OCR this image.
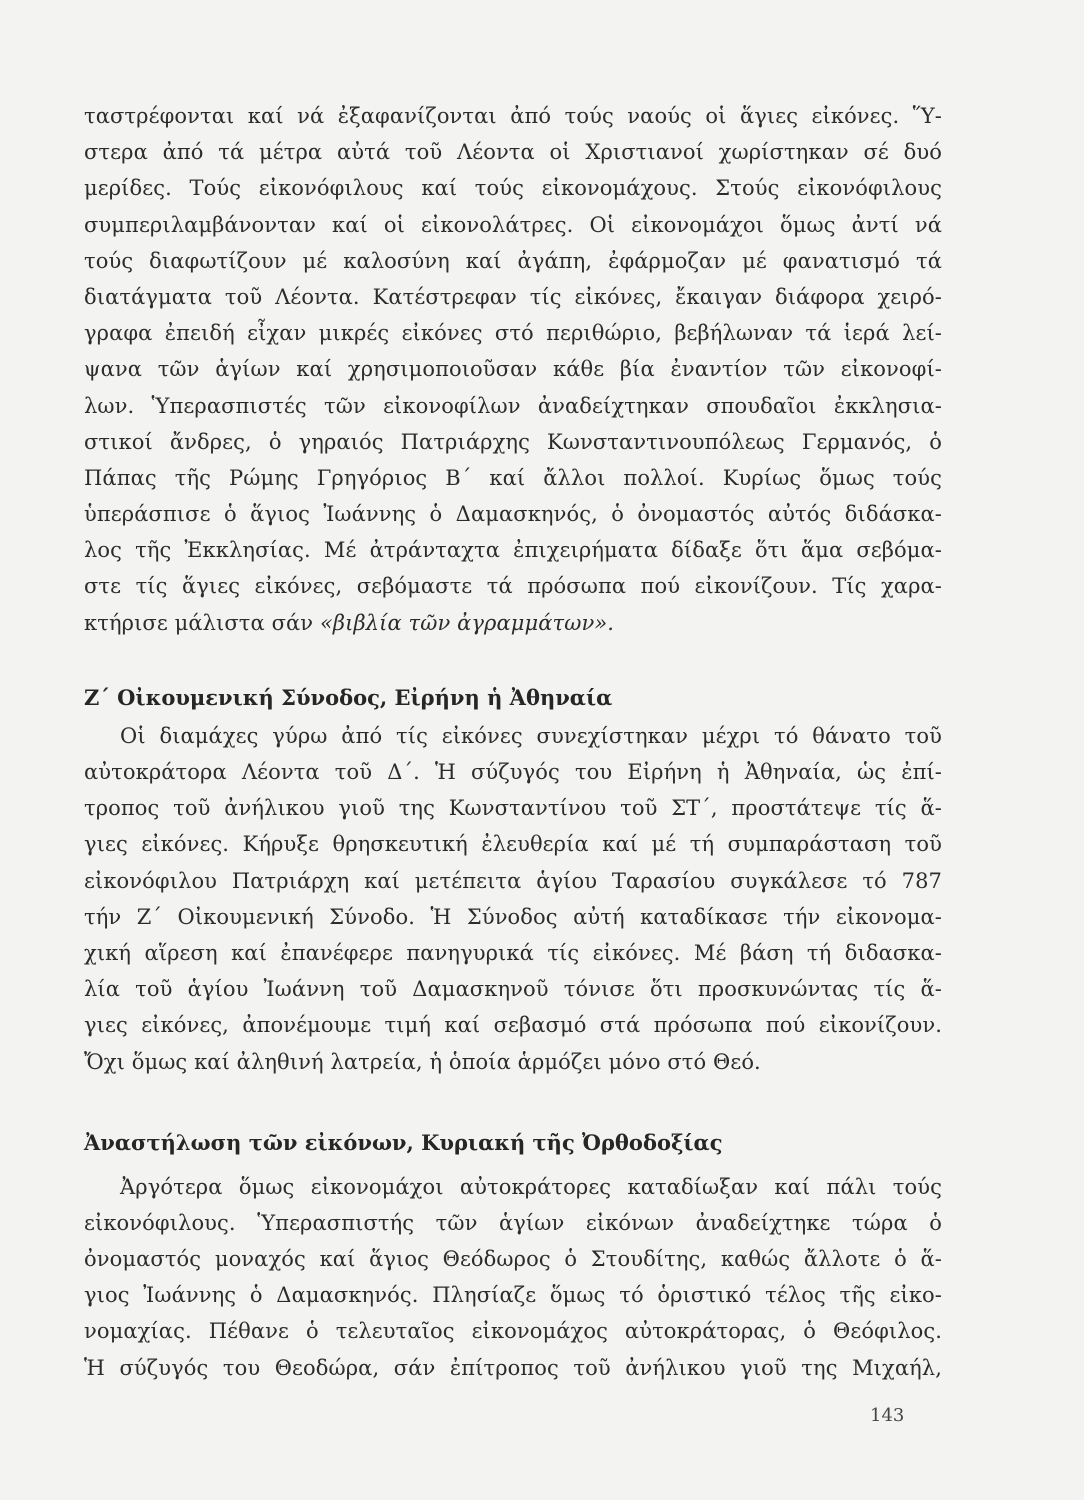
ταστρέφονται καί νά ἐξαφανίζονται ἀπό τούς ναούς οἱ ἅγιες εἰκόνες. Ὕ-
στερα ἀπό τά μέτρα αὐτά τοῦ Λέοντα οἱ Χριστιανοί χωρίστηκαν σέ δυό
μερίδες. Τούς εἰκονόφιλους καί τούς εἰκονομάχους. Στούς εἰκονόφιλους
συμπεριλαμβάνονταν καί οἱ εἰκονολάτρες. Οἱ εἰκονομάχοι ὅμως ἀντί νά
τούς διαφωτίζουν μέ καλοσύνη καί ἀγάπη, ἐφάρμοζαν μέ φανατισμό τά
διατάγματα τοῦ Λέοντα. Κατέστρεφαν τίς εἰκόνες, ἔκαιγαν διάφορα χειρό-
γραφα ἐπειδή εἶχαν μικρές εἰκόνες στό περιθώριο, βεβήλωναν τά ἱερά λεί-
ψανα τῶν ἁγίων καί χρησιμοποιοῦσαν κάθε βία ἐναντίον τῶν εἰκονοφί-
λων. Ὑπερασπιστές τῶν εἰκονοφίλων ἀναδείχτηκαν σπουδαῖοι ἐκκλησια-
στικοί ἄνδρες, ὁ γηραιός Πατριάρχης Κωνσταντινουπόλεως Γερμανός, ὁ
Πάπας τῆς Ρώμης Γρηγόριος Β΄ καί ἄλλοι πολλοί. Κυρίως ὅμως τούς
ὑπεράσπισε ὁ ἅγιος Ἰωάννης ὁ Δαμασκηνός, ὁ ὀνομαστός αὐτός διδάσκα-
λος τῆς Ἐκκλησίας. Μέ ἀτράνταχτα ἐπιχειρήματα δίδαξε ὅτι ἅμα σεβόμα-
στε τίς ἅγιες εἰκόνες, σεβόμαστε τά πρόσωπα πού εἰκονίζουν. Τίς χαρα-
κτήρισε μάλιστα σάν «βιβλία τῶν ἀγραμμάτων».
Ζ΄ Οἰκουμενική Σύνοδος, Εἰρήνη ἡ Ἀθηναία
Οἱ διαμάχες γύρω ἀπό τίς εἰκόνες συνεχίστηκαν μέχρι τό θάνατο τοῦ
αὐτοκράτορα Λέοντα τοῦ Δ΄. Ἡ σύζυγός του Εἰρήνη ἡ Ἀθηναία, ὡς ἐπί-
τροπος τοῦ ἀνήλικου γιοῦ της Κωνσταντίνου τοῦ ΣΤ΄, προστάτεψε τίς ἅ-
γιες εἰκόνες. Κήρυξε θρησκευτική ἐλευθερία καί μέ τή συμπαράσταση τοῦ
εἰκονόφιλου Πατριάρχη καί μετέπειτα ἁγίου Ταρασίου συγκάλεσε τό 787
τήν Ζ΄ Οἰκουμενική Σύνοδο. Ἡ Σύνοδος αὐτή καταδίκασε τήν εἰκονομα-
χική αἵρεση καί ἐπανέφερε πανηγυρικά τίς εἰκόνες. Μέ βάση τή διδασκα-
λία τοῦ ἁγίου Ἰωάννη τοῦ Δαμασκηνοῦ τόνισε ὅτι προσκυνώντας τίς ἅ-
γιες εἰκόνες, ἀπονέμουμε τιμή καί σεβασμό στά πρόσωπα πού εἰκονίζουν.
Ὄχι ὅμως καί ἀληθινή λατρεία, ἡ ὁποία ἁρμόζει μόνο στό Θεό.
Ἀναστήλωση τῶν εἰκόνων, Κυριακή τῆς Ὀρθοδοξίας
Ἀργότερα ὅμως εἰκονομάχοι αὐτοκράτορες καταδίωξαν καί πάλι τούς
εἰκονόφιλους. Ὑπερασπιστής τῶν ἁγίων εἰκόνων ἀναδείχτηκε τώρα ὁ
ὀνομαστός μοναχός καί ἅγιος Θεόδωρος ὁ Στουδίτης, καθώς ἄλλοτε ὁ ἅ-
γιος Ἰωάννης ὁ Δαμασκηνός. Πλησίαζε ὅμως τό ὁριστικό τέλος τῆς εἰκο-
νομαχίας. Πέθανε ὁ τελευταῖος εἰκονομάχος αὐτοκράτορας, ὁ Θεόφιλος.
Ἡ σύζυγός του Θεοδώρα, σάν ἐπίτροπος τοῦ ἀνήλικου γιοῦ της Μιχαήλ,
143
